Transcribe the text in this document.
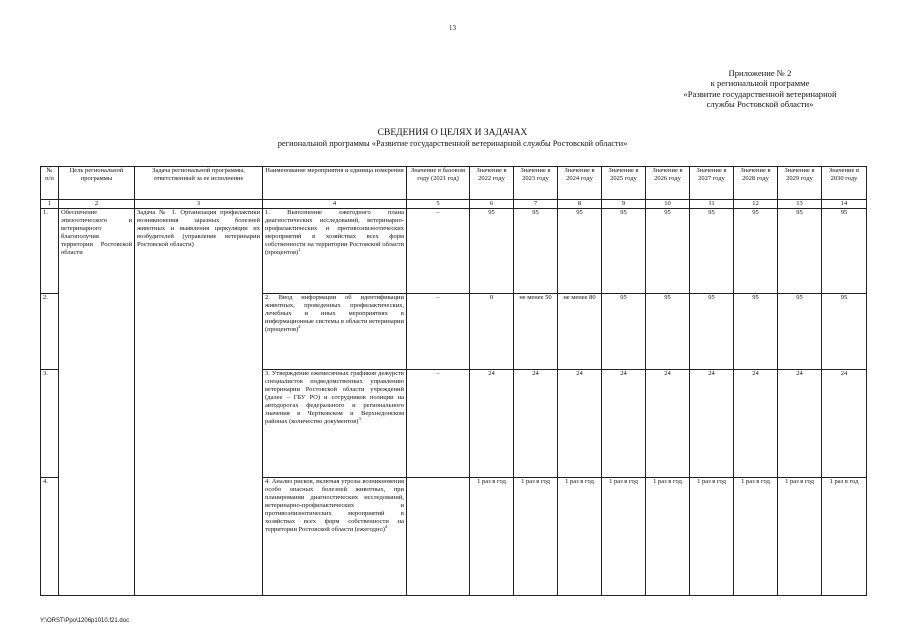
13
Приложение № 2
к региональной программе
«Развитие государственной ветеринарной
службы Ростовской области»
СВЕДЕНИЯ О ЦЕЛЯХ И ЗАДАЧАХ
региональной программы «Развитие государственной ветеринарной службы Ростовской области»
№ п/п	Цель региональной программы	Задача региональной программы, ответственный за ее исполнение	Наименование мероприятия и единица измерения	Значение в базовом году (2021 год)	Значение в 2022 году	Значение в 2023 году	Значение в 2024 году	Значение в 2025 году	Значение в 2026 году	Значение в 2027 году	Значение в 2028 году	Значение в 2029 году	Значение в 2030 году
1	2	3	4	5	6	7	8	9	10	11	12	13	14
1.	Обеспечение эпизоотического и ветеринарного благополучия территории Ростовской области	Задача № 1. Организация профилактики возникновения заразных болезней животных и выявления циркуляции их возбудителей (управление ветеринарии Ростовской области)	1. Выполнение ежегодного плана диагностических исследований, ветеринарно-профилактических и противоэпизоотических мероприятий в хозяйствах всех форм собственности на территории Ростовской области (процентов)$^1$	–	95	95	95	95	95	95	95	95	95
2.			2. Ввод информации об идентификации животных, проведенных профилактических, лечебных и иных мероприятиях в информационные системы в области ветеринарии (процентов)$^2$	–	0	не менее 50	не менее 80	95	95	95	95	95	95
3.			3. Утверждение ежемесячных графиков дежурств специалистов подведомственных управлению ветеринарии Ростовской области учреждений (далее – ГБУ РО) и сотрудников полиции на автодорогах федерального и регионального значения в Чертковском и Верхнедонском районах (количество документов)$^3$	–	24	24	24	24	24	24	24	24	24
4.			4. Анализ рисков, включая угрозы возникновения особо опасных болезней животных, при планировании диагностических исследований, ветеринарно-профилактических и противоэпизоотических мероприятий в хозяйствах всех форм собственности на территории Ростовской области (ежегодно)$^4$		1 раз в год	1 раз в год	1 раз в год	1 раз в год	1 раз в год	1 раз в год	1 раз в год	1 раз в год	1 раз в год
Y:\ORST\Ppo\1206p1010.f21.doc
